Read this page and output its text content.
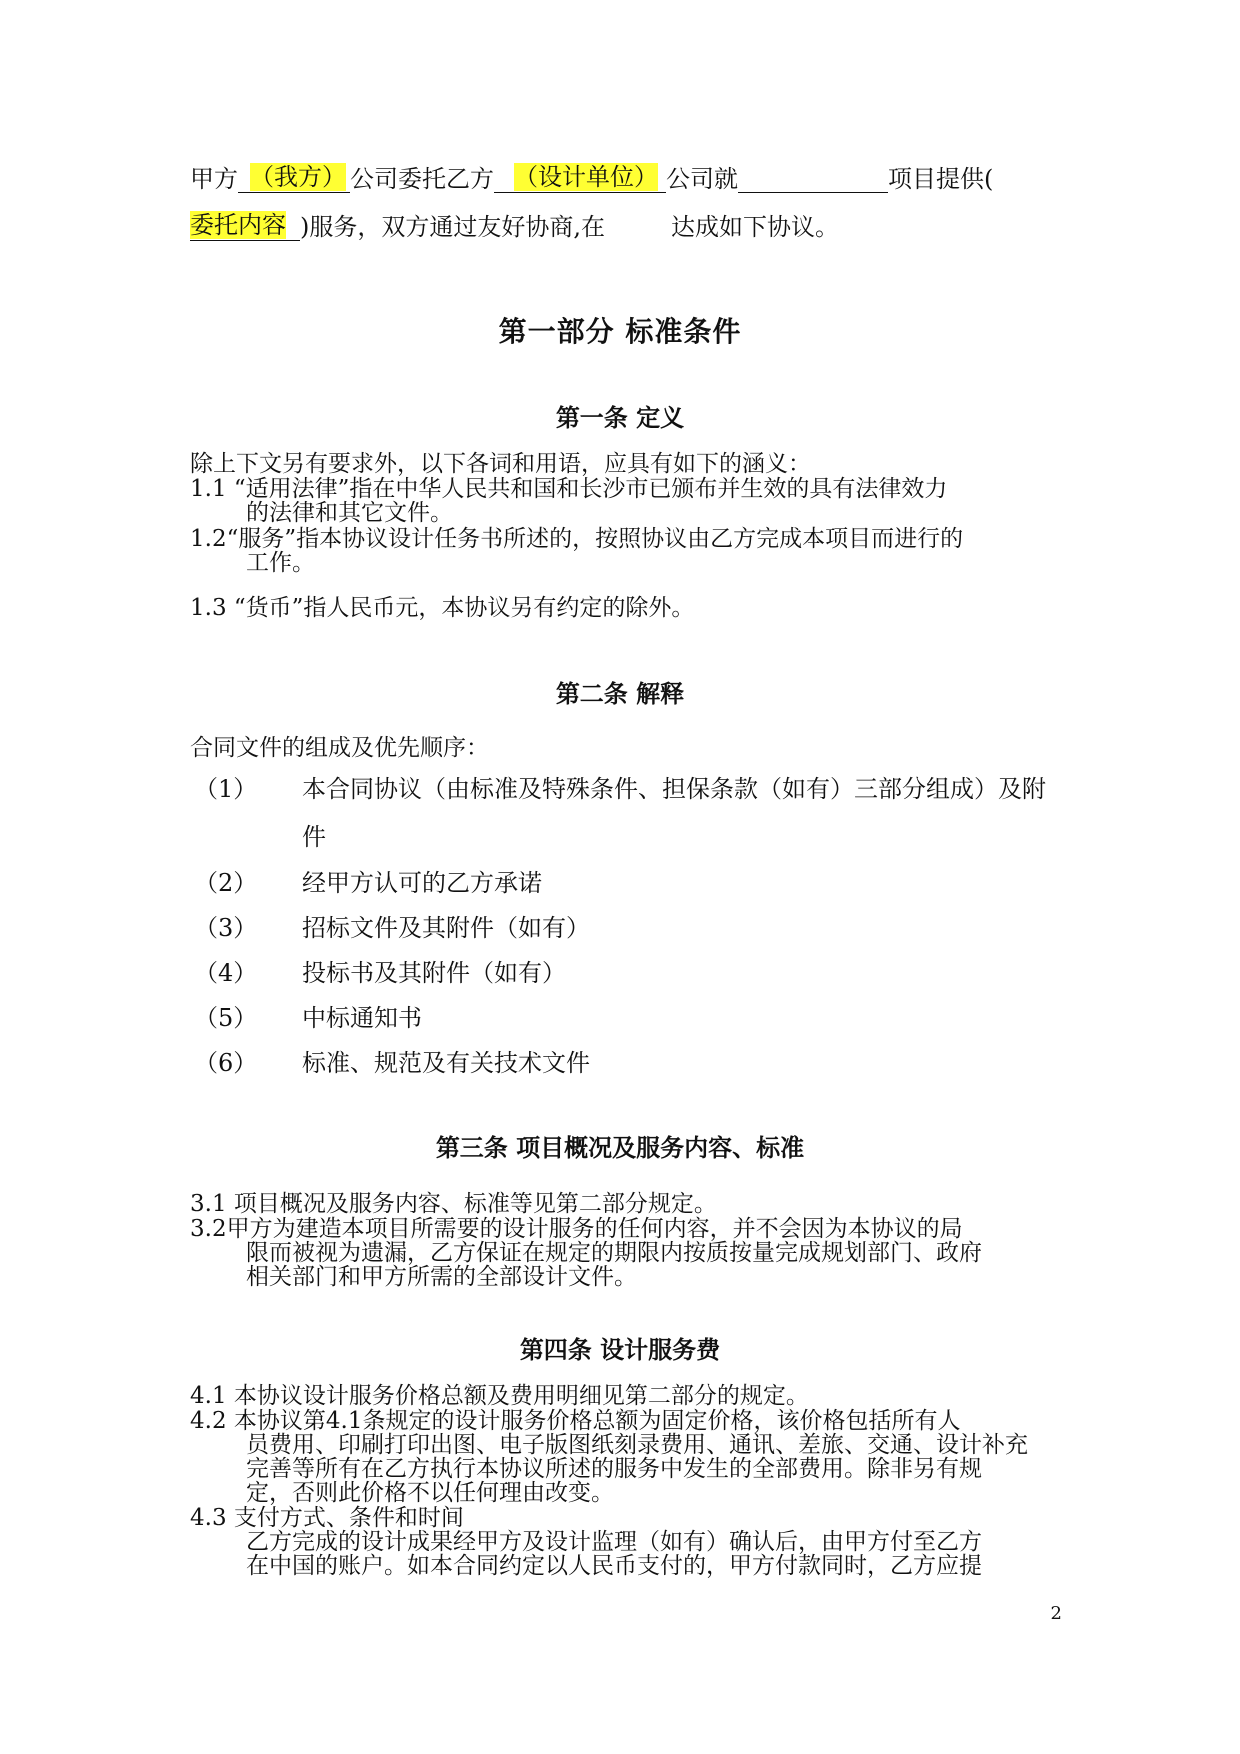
甲方 （我方） 公司委托乙方 （设计单位） 公司就	项目提供(
委托内容 )服务，双方通过友好协商,在	达成如下协议。
第一部分 标准条件
第一条 定义
除上下文另有要求外，以下各词和用语，应具有如下的涵义：
1.1 “适用法律”指在中华人民共和国和长沙市已颁布并生效的具有法律效力
的法律和其它文件。
1.2“服务”指本协议设计任务书所述的，按照协议由乙方完成本项目而进行的
工作。
1.3 “货币”指人民币元，本协议另有约定的除外。
第二条 解释
合同文件的组成及优先顺序：
（1） 本合同协议（由标准及特殊条件、担保条款（如有）三部分组成）及附件
（2） 经甲方认可的乙方承诺
（3） 招标文件及其附件（如有）
（4） 投标书及其附件（如有）
（5） 中标通知书
（6） 标准、规范及有关技术文件
第三条 项目概况及服务内容、标准
3.1 项目概况及服务内容、标准等见第二部分规定。
3.2甲方为建造本项目所需要的设计服务的任何内容，并不会因为本协议的局
限而被视为遗漏，乙方保证在规定的期限内按质按量完成规划部门、政府
相关部门和甲方所需的全部设计文件。
第四条 设计服务费
4.1 本协议设计服务价格总额及费用明细见第二部分的规定。
4.2 本协议第4.1条规定的设计服务价格总额为固定价格，该价格包括所有人
员费用、印刷打印出图、电子版图纸刻录费用、通讯、差旅、交通、设计补充
完善等所有在乙方执行本协议所述的服务中发生的全部费用。除非另有规
定，否则此价格不以任何理由改变。
4.3 支付方式、条件和时间
乙方完成的设计成果经甲方及设计监理（如有）确认后，由甲方付至乙方
在中国的账户。如本合同约定以人民币支付的，甲方付款同时，乙方应提
2
